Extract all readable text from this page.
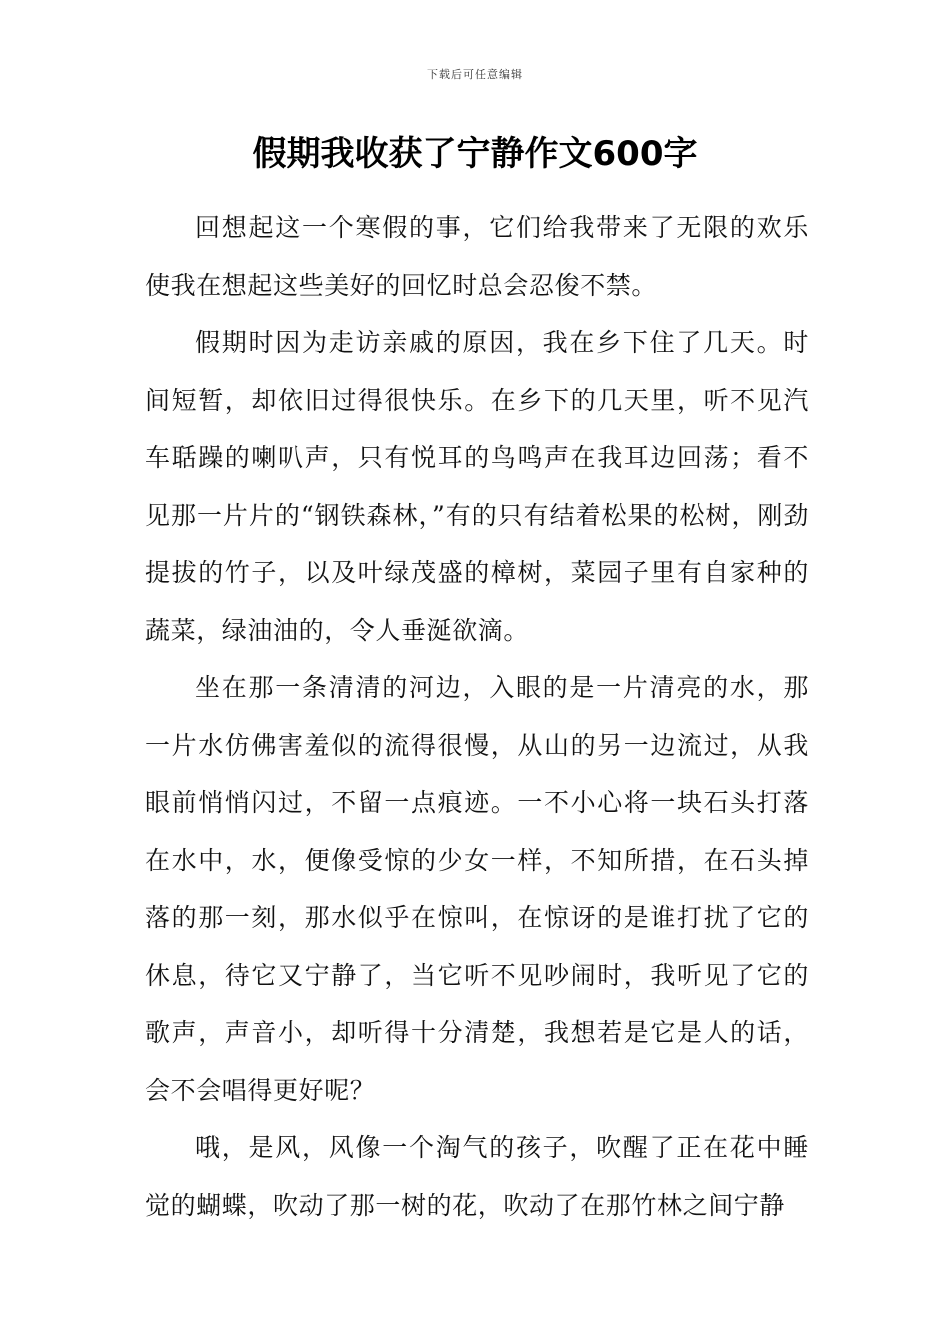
下载后可任意编辑
假期我收获了宁静作文600字

回想起这一个寒假的事，它们给我带来了无限的欢乐使我在想起这些美好的回忆时总会忍俊不禁。

假期时因为走访亲戚的原因，我在乡下住了几天。时间短暂，却依旧过得很快乐。在乡下的几天里，听不见汽车聒躁的喇叭声，只有悦耳的鸟鸣声在我耳边回荡；看不见那一片片的“钢铁森林，”有的只有结着松果的松树，刚劲提拔的竹子，以及叶绿茂盛的樟树，菜园子里有自家种的蔬菜，绿油油的，令人垂涎欲滴。

坐在那一条清清的河边，入眼的是一片清亮的水，那一片水仿佛害羞似的流得很慢，从山的另一边流过，从我眼前悄悄闪过，不留一点痕迹。一不小心将一块石头打落在水中，水，便像受惊的少女一样，不知所措，在石头掉落的那一刻，那水似乎在惊叫，在惊讶的是谁打扰了它的休息，待它又宁静了，当它听不见吵闹时，我听见了它的歌声，声音小，却听得十分清楚，我想若是它是人的话，会不会唱得更好呢？

哦，是风，风像一个淘气的孩子，吹醒了正在花中睡觉的蝴蝶，吹动了那一树的花，吹动了在那竹林之间宁静
